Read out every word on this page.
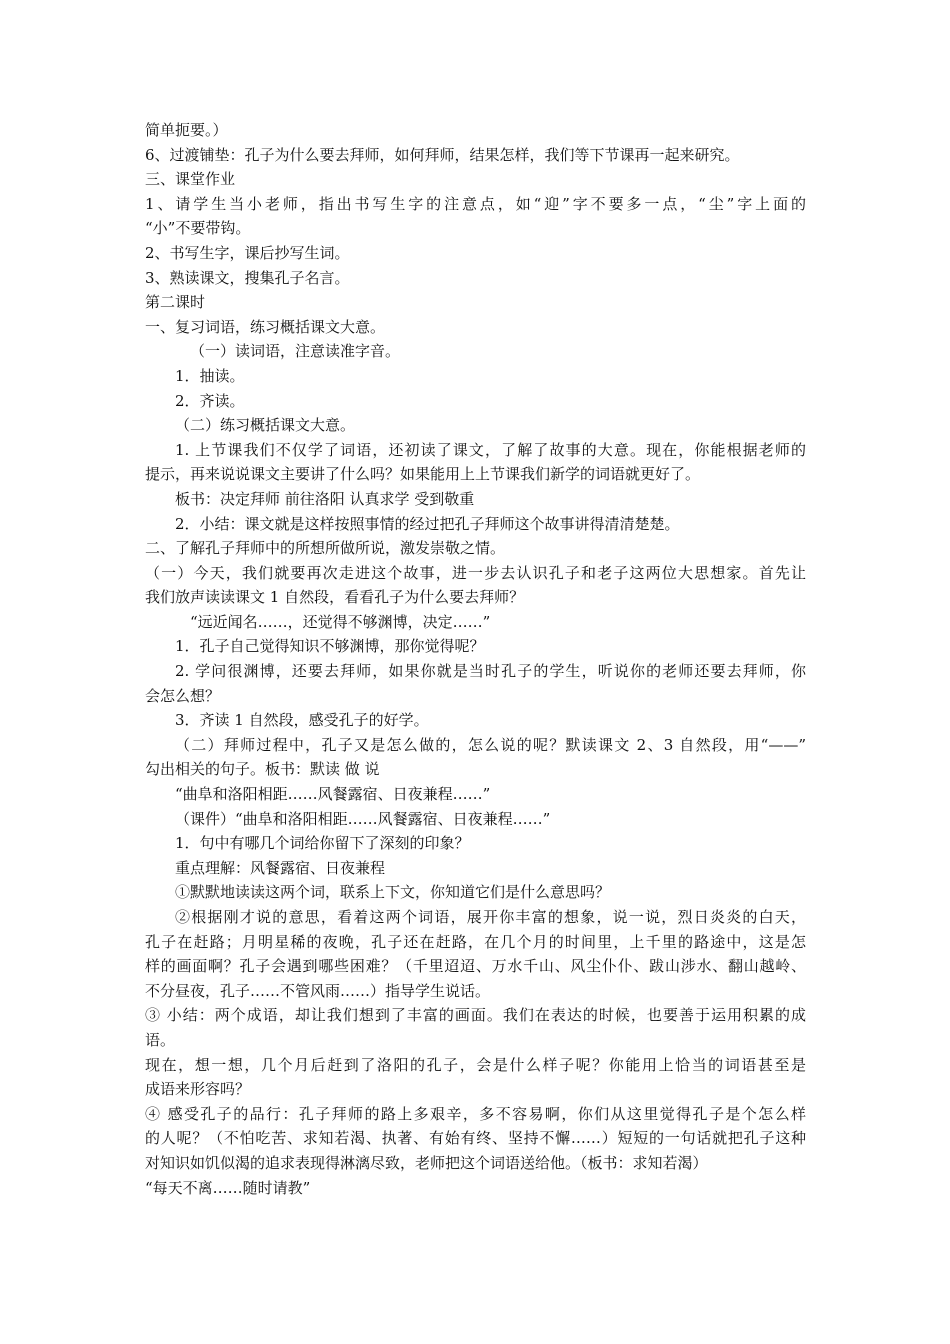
简单扼要。）
6、过渡铺垫：孔子为什么要去拜师，如何拜师，结果怎样，我们等下节课再一起来研究。
三、课堂作业
1、请学生当小老师，指出书写生字的注意点，如“迎”字不要多一点，“尘”字上面的
“小”不要带钩。
2、书写生字，课后抄写生词。
3、熟读课文，搜集孔子名言。
第二课时
一、复习词语，练习概括课文大意。
（一）读词语，注意读准字音。
1．抽读。
2．齐读。
（二）练习概括课文大意。
1. 上节课我们不仅学了词语，还初读了课文，了解了故事的大意。现在，你能根据老师的
提示，再来说说课文主要讲了什么吗？如果能用上上节课我们新学的词语就更好了。
板书：决定拜师 前往洛阳 认真求学 受到敬重
2．小结：课文就是这样按照事情的经过把孔子拜师这个故事讲得清清楚楚。
二、了解孔子拜师中的所想所做所说，激发崇敬之情。
（一）今天，我们就要再次走进这个故事，进一步去认识孔子和老子这两位大思想家。首先让
我们放声读读课文 1 自然段，看看孔子为什么要去拜师？
“远近闻名……，还觉得不够渊博，决定……”
1．孔子自己觉得知识不够渊博，那你觉得呢？
2. 学问很渊博，还要去拜师，如果你就是当时孔子的学生，听说你的老师还要去拜师，你
会怎么想？
3．齐读 1 自然段，感受孔子的好学。
（二）拜师过程中，孔子又是怎么做的，怎么说的呢？默读课文 2、3 自然段，用“——”
勾出相关的句子。板书：默读 做 说
“曲阜和洛阳相距……风餐露宿、日夜兼程……”
（课件）“曲阜和洛阳相距……风餐露宿、日夜兼程……”
1．句中有哪几个词给你留下了深刻的印象？
重点理解：风餐露宿、日夜兼程
①默默地读读这两个词，联系上下文，你知道它们是什么意思吗？
②根据刚才说的意思，看着这两个词语，展开你丰富的想象，说一说，烈日炎炎的白天，
孔子在赶路；月明星稀的夜晚，孔子还在赶路，在几个月的时间里，上千里的路途中，这是怎
样的画面啊？孔子会遇到哪些困难？（千里迢迢、万水千山、风尘仆仆、跋山涉水、翻山越岭、
不分昼夜，孔子……不管风雨……）指导学生说话。
③ 小结：两个成语，却让我们想到了丰富的画面。我们在表达的时候，也要善于运用积累的成
语。
现在，想一想，几个月后赶到了洛阳的孔子，会是什么样子呢？你能用上恰当的词语甚至是
成语来形容吗？
④ 感受孔子的品行：孔子拜师的路上多艰辛，多不容易啊，你们从这里觉得孔子是个怎么样
的人呢？（不怕吃苦、求知若渴、执著、有始有终、坚持不懈……）短短的一句话就把孔子这种
对知识如饥似渴的追求表现得淋漓尽致，老师把这个词语送给他。（板书：求知若渴）
“每天不离……随时请教”
